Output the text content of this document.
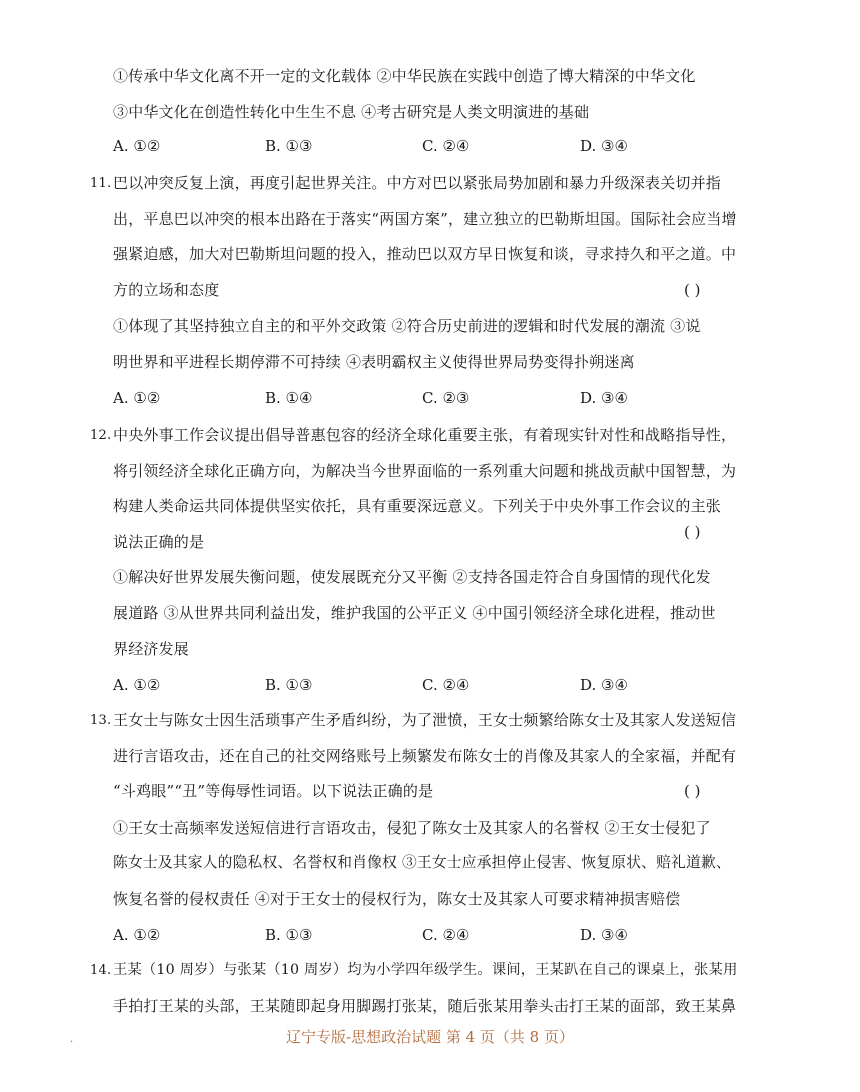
①传承中华文化离不开一定的文化载体 ②中华民族在实践中创造了博大精深的中华文化
③中华文化在创造性转化中生生不息 ④考古研究是人类文明演进的基础
A. ①②	B. ①③	C. ②④	D. ③④
11. 巴以冲突反复上演，再度引起世界关注。中方对巴以紧张局势加剧和暴力升级深表关切并指
出，平息巴以冲突的根本出路在于落实“两国方案”，建立独立的巴勒斯坦国。国际社会应当增
强紧迫感，加大对巴勒斯坦问题的投入，推动巴以双方早日恢复和谈，寻求持久和平之道。中
方的立场和态度	( )
①体现了其坚持独立自主的和平外交政策 ②符合历史前进的逻辑和时代发展的潮流 ③说
明世界和平进程长期停滞不可持续 ④表明霸权主义使得世界局势变得扑朔迷离
A. ①②	B. ①④	C. ②③	D. ③④
12. 中央外事工作会议提出倡导普惠包容的经济全球化重要主张，有着现实针对性和战略指导性，
将引领经济全球化正确方向，为解决当今世界面临的一系列重大问题和挑战贡献中国智慧，为
构建人类命运共同体提供坚实依托，具有重要深远意义。下列关于中央外事工作会议的主张
说法正确的是
( )
①解决好世界发展失衡问题，使发展既充分又平衡 ②支持各国走符合自身国情的现代化发
展道路 ③从世界共同利益出发，维护我国的公平正义 ④中国引领经济全球化进程，推动世
界经济发展
A. ①②	B. ①③	C. ②④	D. ③④
13. 王女士与陈女士因生活琐事产生矛盾纠纷，为了泄愤，王女士频繁给陈女士及其家人发送短信
进行言语攻击，还在自己的社交网络账号上频繁发布陈女士的肖像及其家人的全家福，并配有
“斗鸡眼”“丑”等侮辱性词语。以下说法正确的是	( )
①王女士高频率发送短信进行言语攻击，侵犯了陈女士及其家人的名誉权 ②王女士侵犯了
陈女士及其家人的隐私权、名誉权和肖像权 ③王女士应承担停止侵害、恢复原状、赔礼道歉、
恢复名誉的侵权责任 ④对于王女士的侵权行为，陈女士及其家人可要求精神损害赔偿
A. ①②	B. ①③	C. ②④	D. ③④
14. 王某（10 周岁）与张某（10 周岁）均为小学四年级学生。课间，王某趴在自己的课桌上，张某用
手拍打王某的头部，王某随即起身用脚踢打张某，随后张某用拳头击打王某的面部，致王某鼻
.	辽宁专版-思想政治试题 第 4 页（共 8 页）
